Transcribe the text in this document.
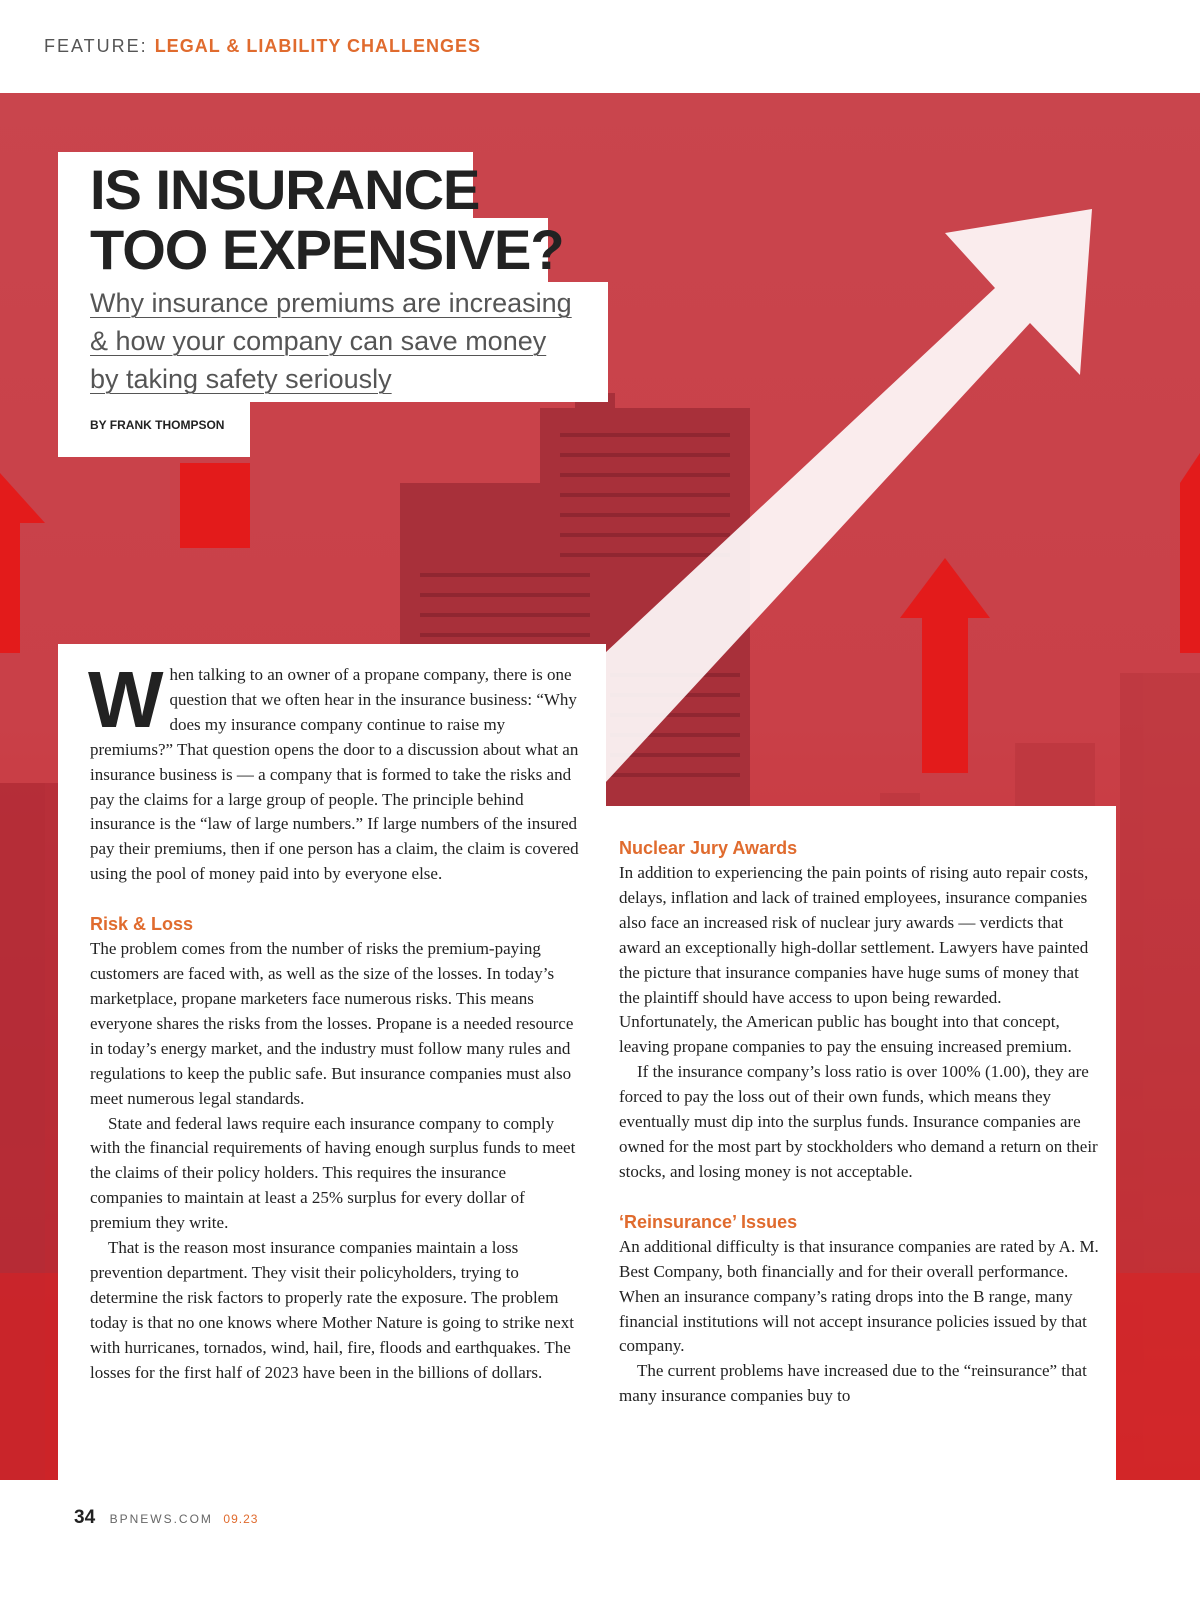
FEATURE: LEGAL & LIABILITY CHALLENGES
IS INSURANCE
TOO EXPENSIVE?
Why insurance premiums are increasing
& how your company can save money
by taking safety seriously
BY FRANK THOMPSON

When talking to an owner of a propane company, there is one question that we often hear in the insurance business: “Why does my insurance company continue to raise my premiums?” That question opens the door to a discussion about what an insurance business is — a company that is formed to take the risks and pay the claims for a large group of people. The principle behind insurance is the “law of large numbers.” If large numbers of the insured pay their premiums, then if one person has a claim, the claim is covered using the pool of money paid into by everyone else.

Risk & Loss

The problem comes from the number of risks the premium-paying customers are faced with, as well as the size of the losses. In today’s marketplace, propane marketers face numerous risks. This means everyone shares the risks from the losses. Propane is a needed resource in today’s energy market, and the industry must follow many rules and regulations to keep the public safe. But insurance companies must also meet numerous legal standards.

State and federal laws require each insurance company to comply with the financial requirements of having enough surplus funds to meet the claims of their policy holders. This requires the insurance companies to maintain at least a 25% surplus for every dollar of premium they write.

That is the reason most insurance companies maintain a loss prevention department. They visit their policyholders, trying to determine the risk factors to properly rate the exposure. The problem today is that no one knows where Mother Nature is going to strike next with hurricanes, tornados, wind, hail, fire, floods and earthquakes. The losses for the first half of 2023 have been in the billions of dollars.

Nuclear Jury Awards

In addition to experiencing the pain points of rising auto repair costs, delays, inflation and lack of trained employees, insurance companies also face an increased risk of nuclear jury awards — verdicts that award an exceptionally high-dollar settlement. Lawyers have painted the picture that insurance companies have huge sums of money that the plaintiff should have access to upon being rewarded. Unfortunately, the American public has bought into that concept, leaving propane companies to pay the ensuing increased premium.

If the insurance company’s loss ratio is over 100% (1.00), they are forced to pay the loss out of their own funds, which means they eventually must dip into the surplus funds. Insurance companies are owned for the most part by stockholders who demand a return on their stocks, and losing money is not acceptable.

‘Reinsurance’ Issues

An additional difficulty is that insurance companies are rated by A. M. Best Company, both financially and for their overall performance. When an insurance company’s rating drops into the B range, many financial institutions will not accept insurance policies issued by that company.

The current problems have increased due to the “reinsurance” that many insurance companies buy to

34 BPNEWS.COM 09.23
